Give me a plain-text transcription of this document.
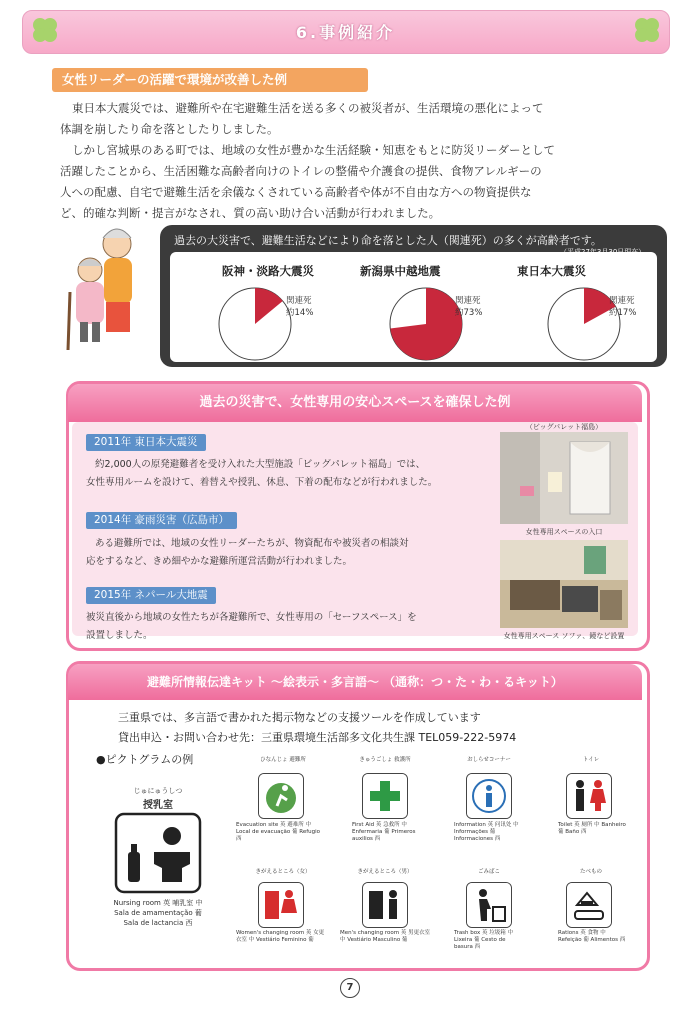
6.事例紹介
女性リーダーの活躍で環境が改善した例
東日本大震災では、避難所や在宅避難生活を送る多くの被災者が、生活環境の悪化によって
体調を崩したり命を落としたりしました。
しかし宮城県のある町では、地域の女性が豊かな生活経験・知恵をもとに防災リーダーとして
活躍したことから、生活困難な高齢者向けのトイレの整備や介護食の提供、食物アレルギーの
人への配慮、自宅で避難生活を余儀なくされている高齢者や体が不自由な方への物資提供な
ど、的確な判断・提言がなされ、質の高い助け合い活動が行われました。
過去の大災害で、避難生活などにより命を落とした人（関連死）の多くが高齢者です。
（平成27年3月30日現在）
阪神・淡路大震災	新潟県中越地震	東日本大震災
関連死
約14%
関連死
約73%
関連死
約17%
過去の災害で、女性専用の安心スペースを確保した例
2011年 東日本大震災
約2,000人の原発避難者を受け入れた大型施設「ビッグパレット福島」では、
女性専用ルームを設けて、着替えや授乳、休息、下着の配布などが行われました。
2014年 豪雨災害（広島市）
ある避難所では、地域の女性リーダーたちが、物資配布や被災者の相談対
応をするなど、きめ細やかな避難所運営活動が行われました。
2015年 ネパール大地震
被災直後から地域の女性たちが各避難所で、女性専用の「セーフスペース」を
設置しました。
（ビッグパレット福島）
女性専用スペースの入口
女性専用スペース ソファ、鏡など設置
避難所情報伝達キット ～絵表示・多言語～ （通称：つ・た・わ・るキット）
三重県では、多言語で書かれた掲示物などの支援ツールを作成しています
貸出申込・お問い合わせ先：三重県環境生活部多文化共生課 TEL059-222-5974
●ピクトグラムの例
じゅにゅうしつ
授乳室
Nursing room 英 哺乳室 中
Sala de amamentação 葡
Sala de lactancia 西
ひなんじょ 避難所
Evacuation site 英 避难所 中 Local de evacuação 葡 Refugio 西
きゅうごしょ 救護所
First Aid 英 急救所 中 Enfermaria 葡 Primeros auxilios 西
おしらせコーナー
Information 英 问讯处 中 Informações 葡 Informaciones 西
トイレ
Toilet 英 厕所 中 Banheiro 葡 Baño 西
きがえるところ（女）
Women's changing room 英 女更衣室 中 Vestiário Feminino 葡
きがえるところ（男）
Men's changing room 英 男更衣室 中 Vestiário Masculino 葡
ごみばこ
Trash box 英 垃圾箱 中 Lixeira 葡 Cesto de basura 西
たべもの
Rations 英 食物 中 Refeição 葡 Alimentos 西
7
